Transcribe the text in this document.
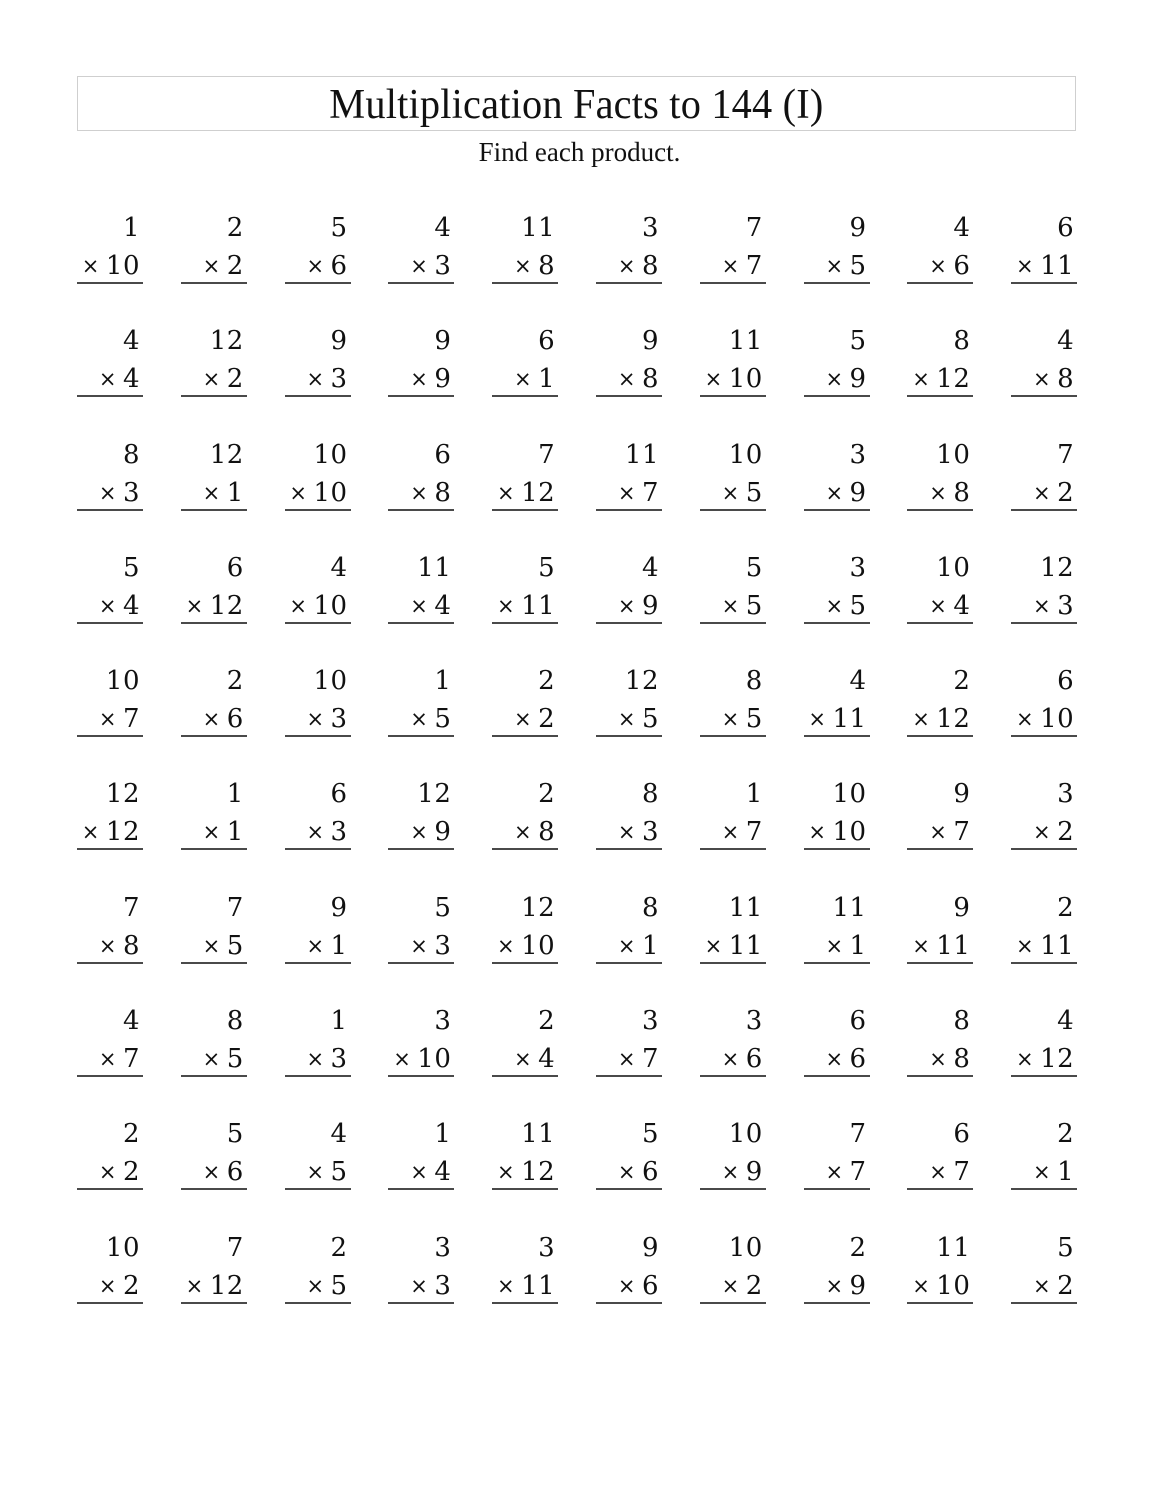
Multiplication Facts to 144 (I)
Find each product.
1
× 10
2
× 2
5
× 6
4
× 3
11
× 8
3
× 8
7
× 7
9
× 5
4
× 6
6
× 11
4
× 4
12
× 2
9
× 3
9
× 9
6
× 1
9
× 8
11
× 10
5
× 9
8
× 12
4
× 8
8
× 3
12
× 1
10
× 10
6
× 8
7
× 12
11
× 7
10
× 5
3
× 9
10
× 8
7
× 2
5
× 4
6
× 12
4
× 10
11
× 4
5
× 11
4
× 9
5
× 5
3
× 5
10
× 4
12
× 3
10
× 7
2
× 6
10
× 3
1
× 5
2
× 2
12
× 5
8
× 5
4
× 11
2
× 12
6
× 10
12
× 12
1
× 1
6
× 3
12
× 9
2
× 8
8
× 3
1
× 7
10
× 10
9
× 7
3
× 2
7
× 8
7
× 5
9
× 1
5
× 3
12
× 10
8
× 1
11
× 11
11
× 1
9
× 11
2
× 11
4
× 7
8
× 5
1
× 3
3
× 10
2
× 4
3
× 7
3
× 6
6
× 6
8
× 8
4
× 12
2
× 2
5
× 6
4
× 5
1
× 4
11
× 12
5
× 6
10
× 9
7
× 7
6
× 7
2
× 1
10
× 2
7
× 12
2
× 5
3
× 3
3
× 11
9
× 6
10
× 2
2
× 9
11
× 10
5
× 2
